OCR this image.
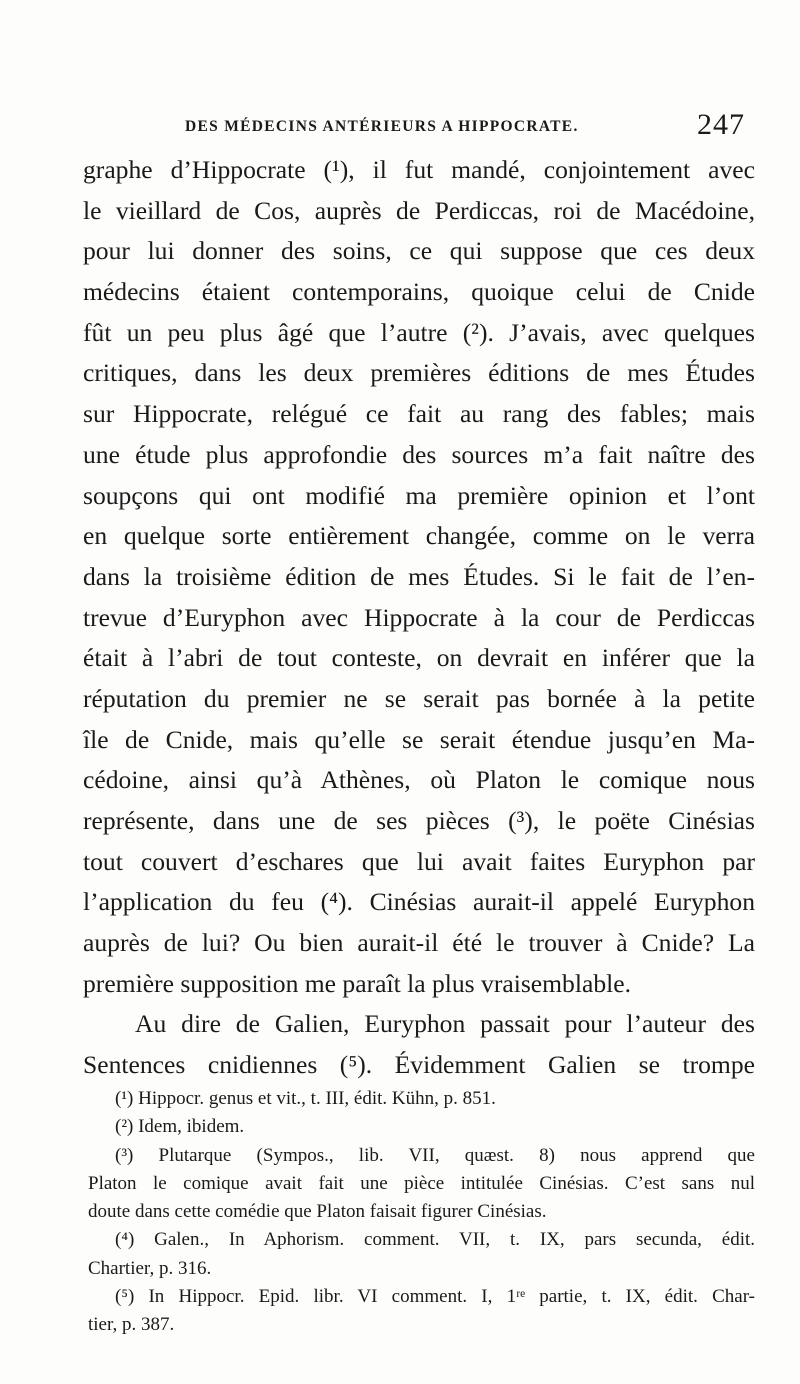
DES MÉDECINS ANTÉRIEURS A HIPPOCRATE.	247
graphe d’Hippocrate (¹), il fut mandé, conjointement avec
le vieillard de Cos, auprès de Perdiccas, roi de Macédoine,
pour lui donner des soins, ce qui suppose que ces deux
médecins étaient contemporains, quoique celui de Cnide
fût un peu plus âgé que l’autre (²). J’avais, avec quelques
critiques, dans les deux premières éditions de mes Études
sur Hippocrate, relégué ce fait au rang des fables; mais
une étude plus approfondie des sources m’a fait naître des
soupçons qui ont modifié ma première opinion et l’ont
en quelque sorte entièrement changée, comme on le verra
dans la troisième édition de mes Études. Si le fait de l’en-
trevue d’Euryphon avec Hippocrate à la cour de Perdiccas
était à l’abri de tout conteste, on devrait en inférer que la
réputation du premier ne se serait pas bornée à la petite
île de Cnide, mais qu’elle se serait étendue jusqu’en Ma-
cédoine, ainsi qu’à Athènes, où Platon le comique nous
représente, dans une de ses pièces (³), le poëte Cinésias
tout couvert d’eschares que lui avait faites Euryphon par
l’application du feu (⁴). Cinésias aurait-il appelé Euryphon
auprès de lui? Ou bien aurait-il été le trouver à Cnide? La
première supposition me paraît la plus vraisemblable.
Au dire de Galien, Euryphon passait pour l’auteur des
Sentences cnidiennes (⁵). Évidemment Galien se trompe
(¹) Hippocr. genus et vit., t. III, édit. Kühn, p. 851.
(²) Idem, ibidem.
(³) Plutarque (Sympos., lib. VII, quæst. 8) nous apprend que
Platon le comique avait fait une pièce intitulée Cinésias. C’est sans nul
doute dans cette comédie que Platon faisait figurer Cinésias.
(⁴) Galen., In Aphorism. comment. VII, t. IX, pars secunda, édit.
Chartier, p. 316.
(⁵) In Hippocr. Epid. libr. VI comment. I, 1ʳᵉ partie, t. IX, édit. Char-
tier, p. 387.
